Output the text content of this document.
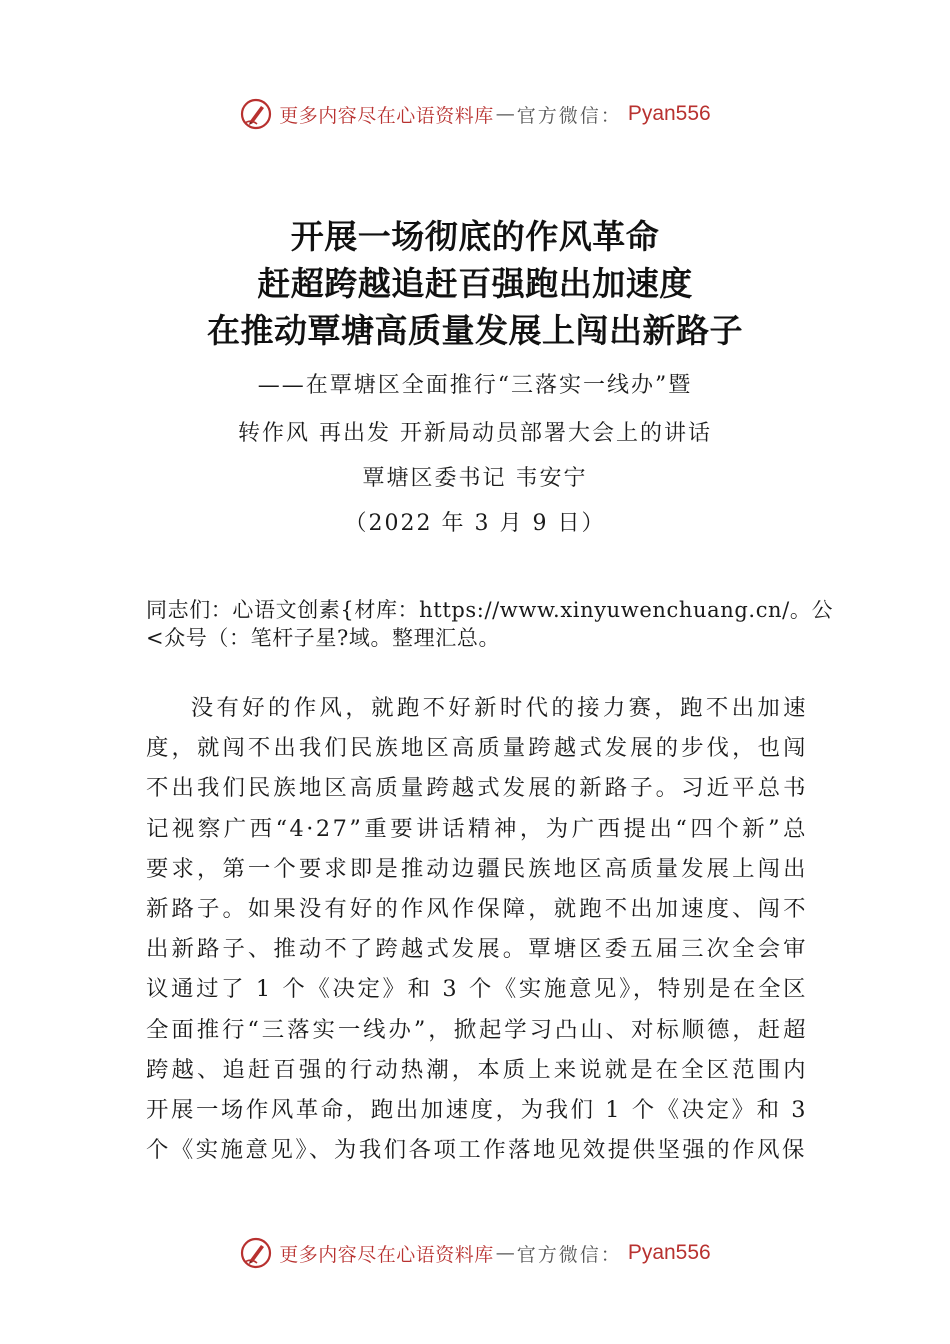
更多内容尽在心语资料库 — 官方微信： Pyan556
开展一场彻底的作风革命
赶超跨越追赶百强跑出加速度
在推动覃塘高质量发展上闯出新路子
——在覃塘区全面推行“三落实一线办”暨
转作风 再出发 开新局动员部署大会上的讲话
覃塘区委书记 韦安宁
（2022 年 3 月 9 日）
同志们：心语文创素{材库：https://www.xinyuwenchuang.cn/。公<众号（：笔杆子星?域。整理汇总。
没有好的作风，就跑不好新时代的接力赛，跑不出加速度，就闯不出我们民族地区高质量跨越式发展的步伐，也闯不出我们民族地区高质量跨越式发展的新路子。习近平总书记视察广西“4·27”重要讲话精神，为广西提出“四个新”总要求，第一个要求即是推动边疆民族地区高质量发展上闯出新路子。如果没有好的作风作保障，就跑不出加速度、闯不出新路子、推动不了跨越式发展。覃塘区委五届三次全会审议通过了 1 个《决定》和 3 个《实施意见》，特别是在全区全面推行“三落实一线办”，掀起学习凸山、对标顺德，赶超跨越、追赶百强的行动热潮，本质上来说就是在全区范围内开展一场作风革命，跑出加速度，为我们 1 个《决定》和 3 个《实施意见》、为我们各项工作落地见效提供坚强的作风保
更多内容尽在心语资料库 — 官方微信： Pyan556
